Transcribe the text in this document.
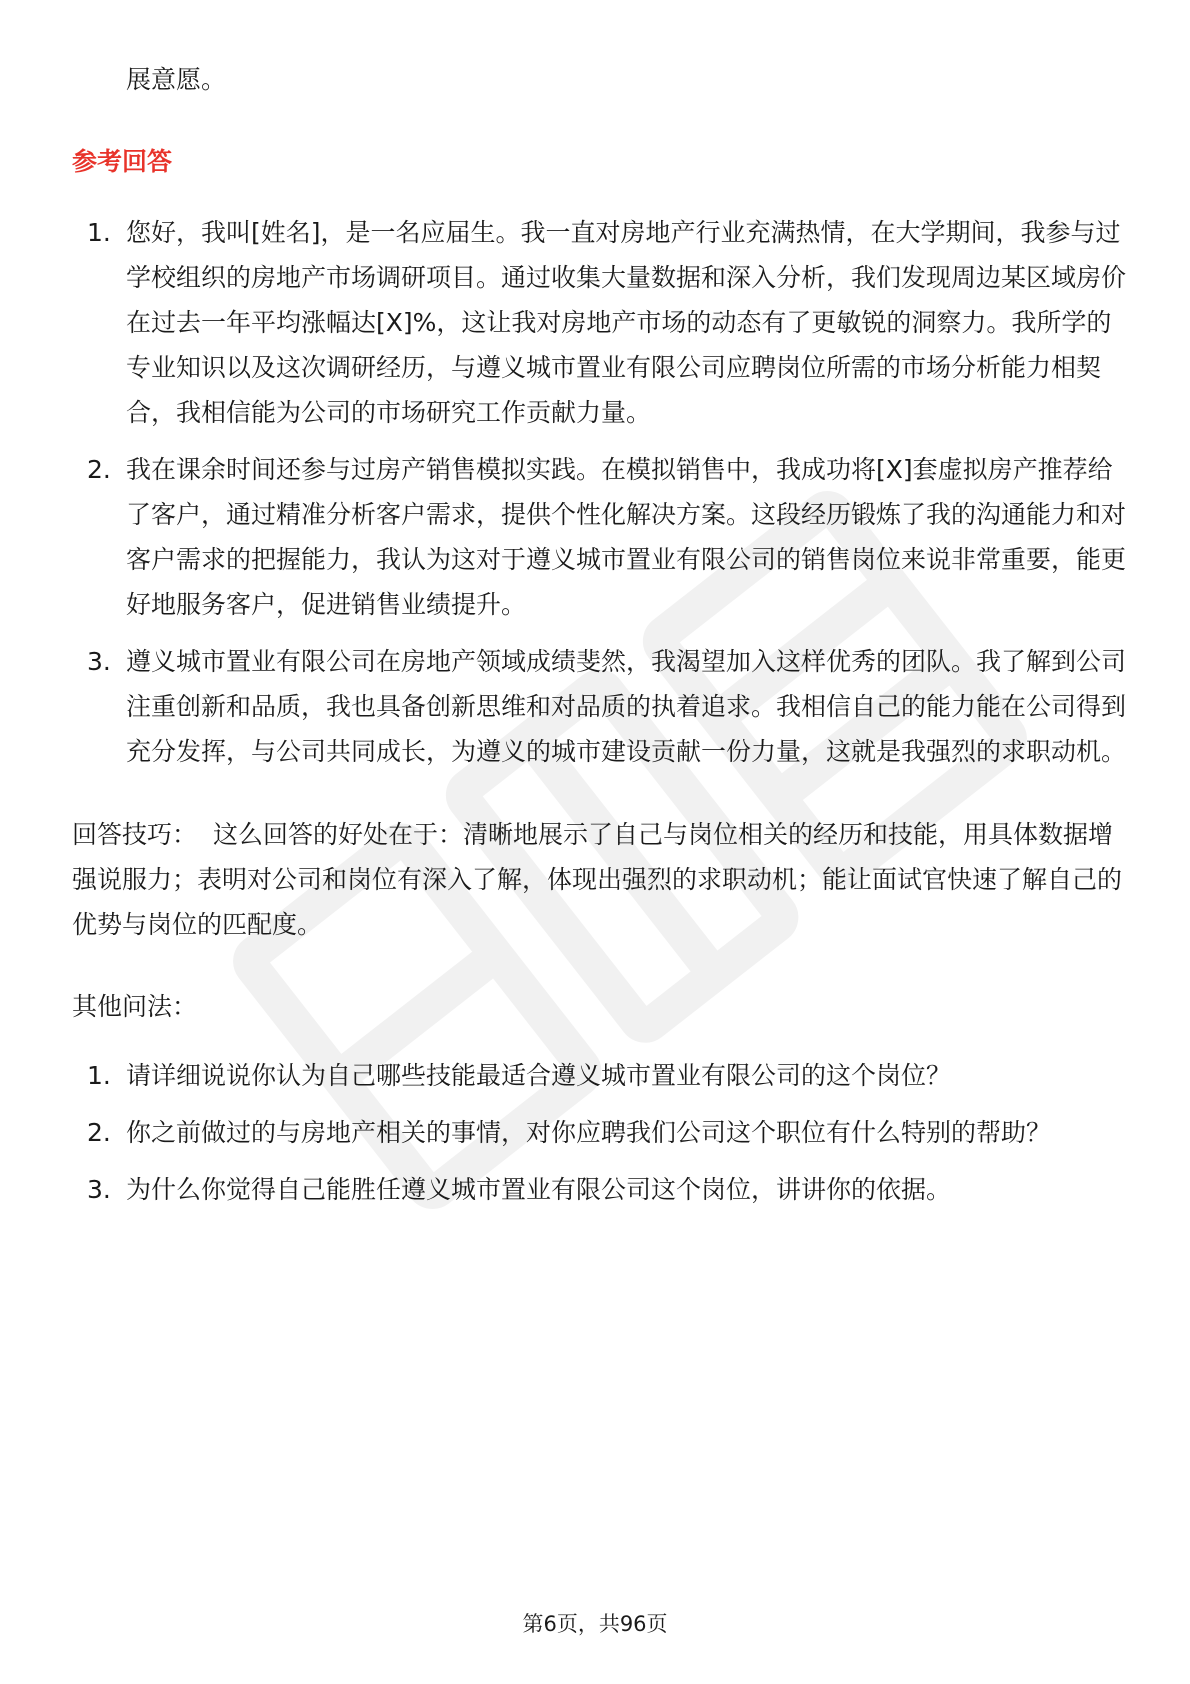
展意愿。

参考回答
1. 您好，我叫[姓名]，是一名应届生。我一直对房地产行业充满热情，在大学期间，我参与过学校组织的房地产市场调研项目。通过收集大量数据和深入分析，我们发现周边某区域房价在过去一年平均涨幅达[X]%，这让我对房地产市场的动态有了更敏锐的洞察力。我所学的专业知识以及这次调研经历，与遵义城市置业有限公司应聘岗位所需的市场分析能力相契合，我相信能为公司的市场研究工作贡献力量。
2. 我在课余时间还参与过房产销售模拟实践。在模拟销售中，我成功将[X]套虚拟房产推荐给了客户，通过精准分析客户需求，提供个性化解决方案。这段经历锻炼了我的沟通能力和对客户需求的把握能力，我认为这对于遵义城市置业有限公司的销售岗位来说非常重要，能更好地服务客户，促进销售业绩提升。
3. 遵义城市置业有限公司在房地产领域成绩斐然，我渴望加入这样优秀的团队。我了解到公司注重创新和品质，我也具备创新思维和对品质的执着追求。我相信自己的能力能在公司得到充分发挥，与公司共同成长，为遵义的城市建设贡献一份力量，这就是我强烈的求职动机。
回答技巧： 这么回答的好处在于：清晰地展示了自己与岗位相关的经历和技能，用具体数据增强说服力；表明对公司和岗位有深入了解，体现出强烈的求职动机；能让面试官快速了解自己的优势与岗位的匹配度。
其他问法：
1. 请详细说说你认为自己哪些技能最适合遵义城市置业有限公司的这个岗位？
2. 你之前做过的与房地产相关的事情，对你应聘我们公司这个职位有什么特别的帮助？
3. 为什么你觉得自己能胜任遵义城市置业有限公司这个岗位，讲讲你的依据。
第6页，共96页
